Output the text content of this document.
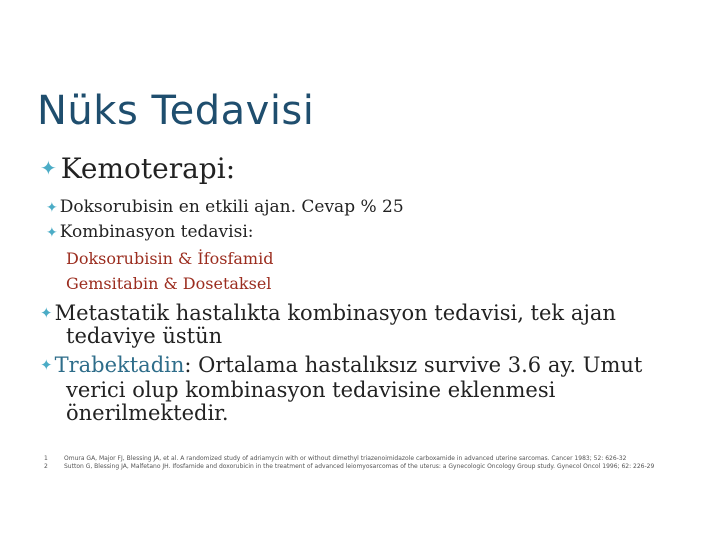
Nüks Tedavisi
✦ Kemoterapi:
✦ Doksorubisin en etkili ajan. Cevap % 25
✦ Kombinasyon tedavisi:
Doksorubisin & İfosfamid
Gemsitabin & Dosetaksel
✦Metastatik hastalıkta kombinasyon tedavisi, tek ajan
tedaviye üstün
✦Trabektadin: Ortalama hastalıksız survive 3.6 ay. Umut
verici olup kombinasyon tedavisine eklenmesi
önerilmektedir.
1	Omura GA, Major FJ, Blessing JA, et al. A randomized study of adriamycin with or without dimethyl triazenoimidazole carboxamide in advanced uterine sarcomas. Cancer 1983; 52: 626-32
2	Sutton G, Blessing JA, Malfetano JH. Ifosfamide and doxorubicin in the treatment of advanced leiomyosarcomas of the uterus: a Gynecologic Oncology Group study. Gynecol Oncol 1996; 62: 226-29
